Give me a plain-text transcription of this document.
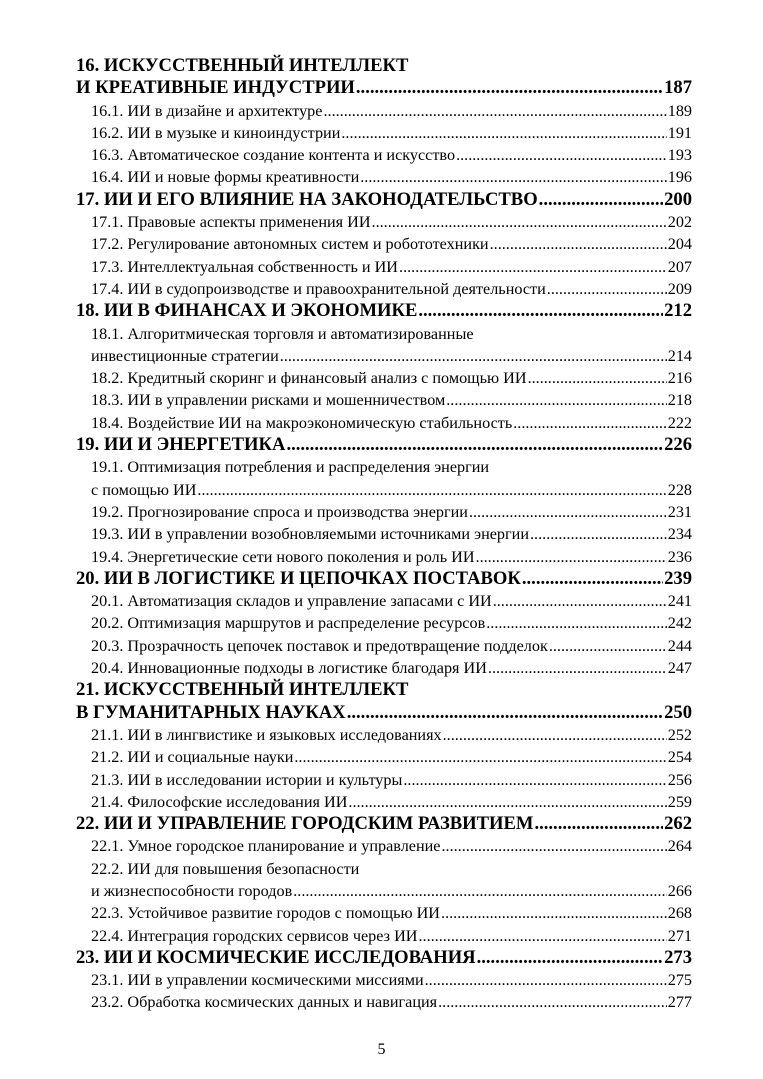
16. ИСКУССТВЕННЫЙ ИНТЕЛЛЕКТ
И КРЕАТИВНЫЕ ИНДУСТРИИ .....	187
16.1. ИИ в дизайне и архитектуре .....	189
16.2. ИИ в музыке и киноиндустрии .....	191
16.3. Автоматическое создание контента и искусство .....	193
16.4. ИИ и новые формы креативности .....	196
17. ИИ И ЕГО ВЛИЯНИЕ НА ЗАКОНОДАТЕЛЬСТВО .....	200
17.1. Правовые аспекты применения ИИ .....	202
17.2. Регулирование автономных систем и робототехники .....	204
17.3. Интеллектуальная собственность и ИИ .....	207
17.4. ИИ в судопроизводстве и правоохранительной деятельности .....	209
18. ИИ В ФИНАНСАХ И ЭКОНОМИКЕ .....	212
18.1. Алгоритмическая торговля и автоматизированные
инвестиционные стратегии .....	214
18.2. Кредитный скоринг и финансовый анализ с помощью ИИ .....	216
18.3. ИИ в управлении рисками и мошенничеством .....	218
18.4. Воздействие ИИ на макроэкономическую стабильность .....	222
19. ИИ И ЭНЕРГЕТИКА .....	226
19.1. Оптимизация потребления и распределения энергии
с помощью ИИ .....	228
19.2. Прогнозирование спроса и производства энергии .....	231
19.3. ИИ в управлении возобновляемыми источниками энергии .....	234
19.4. Энергетические сети нового поколения и роль ИИ .....	236
20. ИИ В ЛОГИСТИКЕ И ЦЕПОЧКАХ ПОСТАВОК .....	239
20.1. Автоматизация складов и управление запасами с ИИ .....	241
20.2. Оптимизация маршрутов и распределение ресурсов .....	242
20.3. Прозрачность цепочек поставок и предотвращение подделок .....	244
20.4. Инновационные подходы в логистике благодаря ИИ .....	247
21. ИСКУССТВЕННЫЙ ИНТЕЛЛЕКТ
В ГУМАНИТАРНЫХ НАУКАХ .....	250
21.1. ИИ в лингвистике и языковых исследованиях .....	252
21.2. ИИ и социальные науки .....	254
21.3. ИИ в исследовании истории и культуры .....	256
21.4. Философские исследования ИИ .....	259
22. ИИ И УПРАВЛЕНИЕ ГОРОДСКИМ РАЗВИТИЕМ .....	262
22.1. Умное городское планирование и управление .....	264
22.2. ИИ для повышения безопасности
и жизнеспособности городов .....	266
22.3. Устойчивое развитие городов с помощью ИИ .....	268
22.4. Интеграция городских сервисов через ИИ .....	271
23. ИИ И КОСМИЧЕСКИЕ ИССЛЕДОВАНИЯ .....	273
23.1. ИИ в управлении космическими миссиями .....	275
23.2. Обработка космических данных и навигация .....	277
5
